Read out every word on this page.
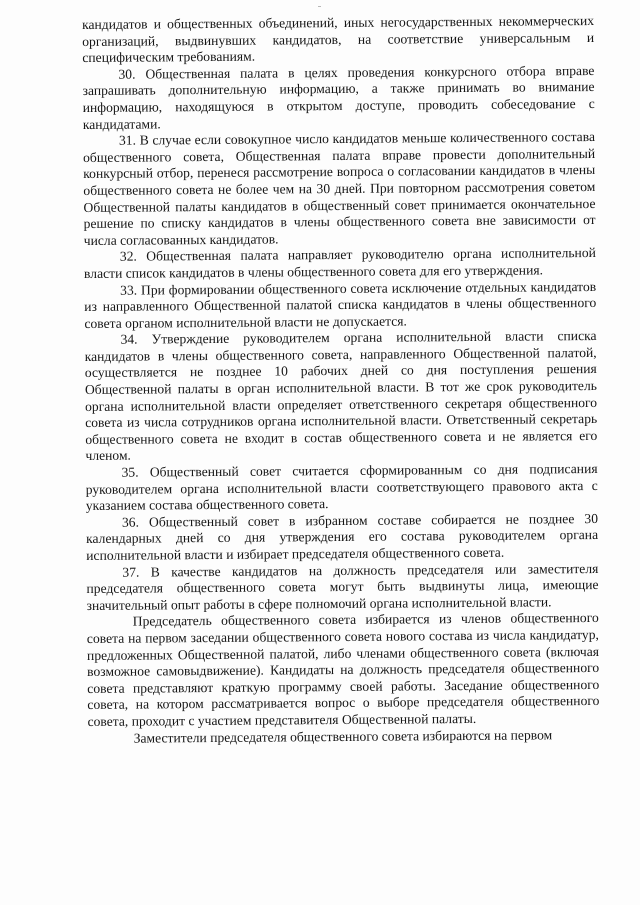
кандидатов и общественных объединений, иных негосударственных некоммерческих организаций, выдвинувших кандидатов, на соответствие универсальным и специфическим требованиям.

30. Общественная палата в целях проведения конкурсного отбора вправе запрашивать дополнительную информацию, а также принимать во внимание информацию, находящуюся в открытом доступе, проводить собеседование с кандидатами.

31. В случае если совокупное число кандидатов меньше количественного состава общественного совета, Общественная палата вправе провести дополнительный конкурсный отбор, перенеся рассмотрение вопроса о согласовании кандидатов в члены общественного совета не более чем на 30 дней. При повторном рассмотрения советом Общественной палаты кандидатов в общественный совет принимается окончательное решение по списку кандидатов в члены общественного совета вне зависимости от числа согласованных кандидатов.

32. Общественная палата направляет руководителю органа исполнительной власти список кандидатов в члены общественного совета для его утверждения.

33. При формировании общественного совета исключение отдельных кандидатов из направленного Общественной палатой списка кандидатов в члены общественного совета органом исполнительной власти не допускается.

34. Утверждение руководителем органа исполнительной власти списка кандидатов в члены общественного совета, направленного Общественной палатой, осуществляется не позднее 10 рабочих дней со дня поступления решения Общественной палаты в орган исполнительной власти. В тот же срок руководитель органа исполнительной власти определяет ответственного секретаря общественного совета из числа сотрудников органа исполнительной власти. Ответственный секретарь общественного совета не входит в состав общественного совета и не является его членом.

35. Общественный совет считается сформированным со дня подписания руководителем органа исполнительной власти соответствующего правового акта с указанием состава общественного совета.

36. Общественный совет в избранном составе собирается не позднее 30 календарных дней со дня утверждения его состава руководителем органа исполнительной власти и избирает председателя общественного совета.

37. В качестве кандидатов на должность председателя или заместителя председателя общественного совета могут быть выдвинуты лица, имеющие значительный опыт работы в сфере полномочий органа исполнительной власти.

Председатель общественного совета избирается из членов общественного совета на первом заседании общественного совета нового состава из числа кандидатур, предложенных Общественной палатой, либо членами общественного совета (включая возможное самовыдвижение). Кандидаты на должность председателя общественного совета представляют краткую программу своей работы. Заседание общественного совета, на котором рассматривается вопрос о выборе председателя общественного совета, проходит с участием представителя Общественной палаты.

Заместители председателя общественного совета избираются на первом
